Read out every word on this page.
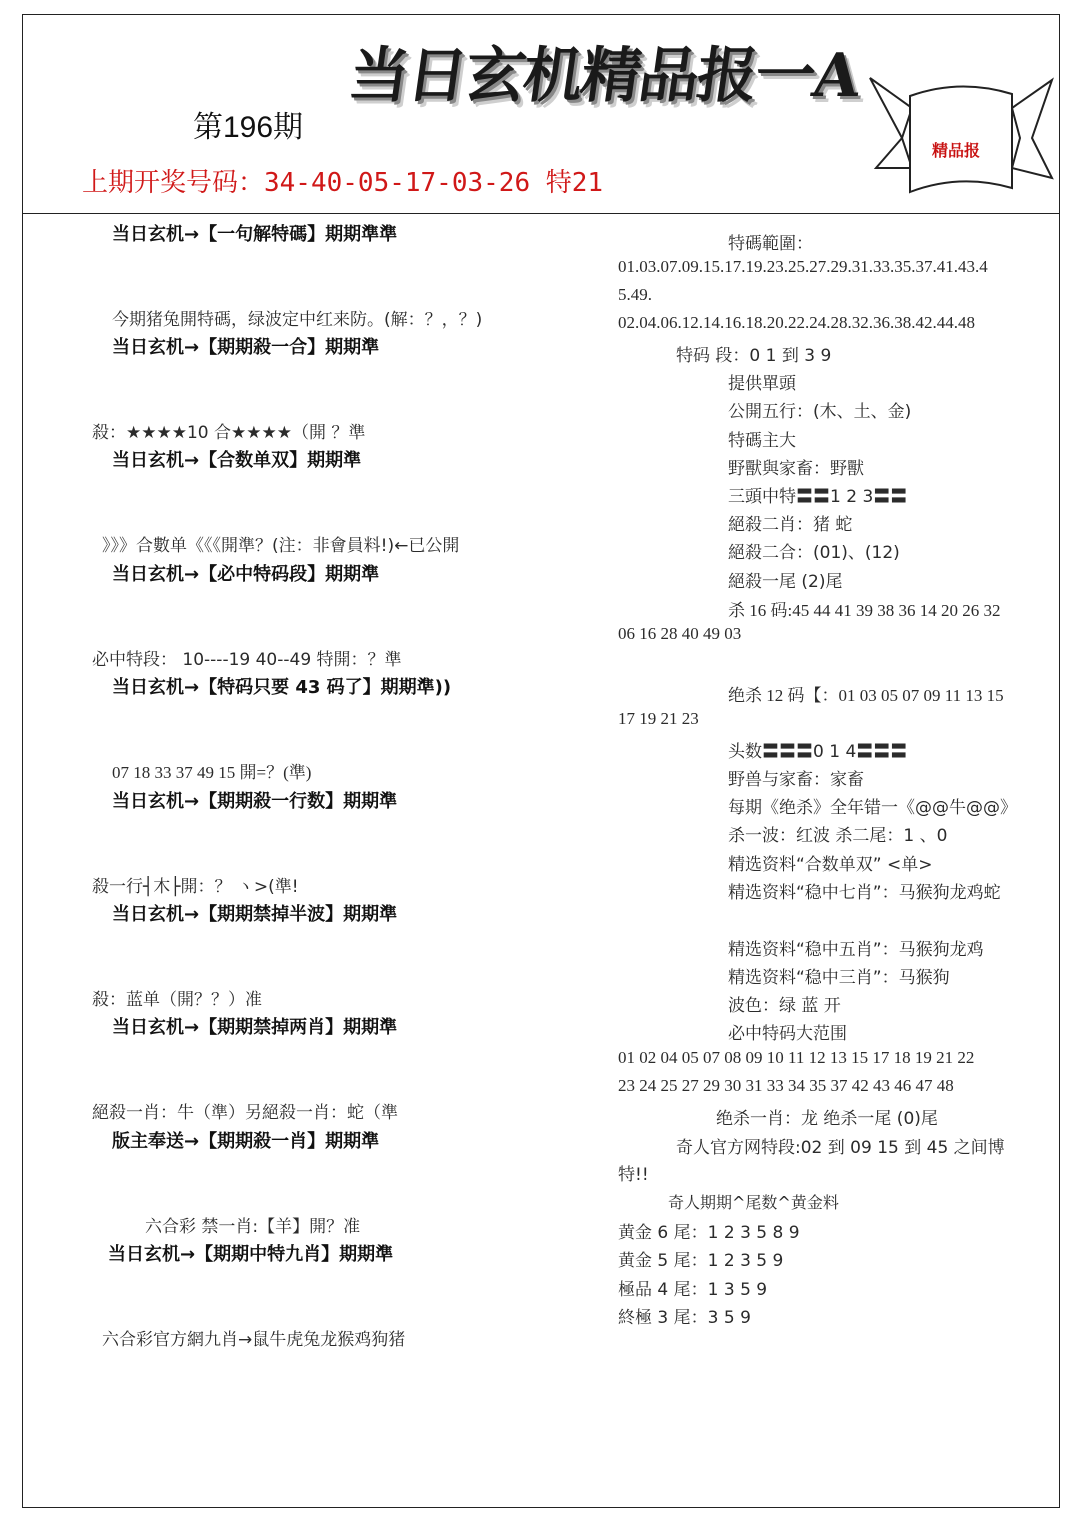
当日玄机精品报一A
精品报
第196期
上期开奖号码：34-40-05-17-03-26 特21
当日玄机→【一句解特碼】期期準準
今期猪兔開特碼，绿波定中红来防。(解：？，？)
当日玄机→【期期殺一合】期期準
殺：★★★★10 合★★★★（開 ？準
当日玄机→【合数单双】期期準
》》》合數单《《《開準？(注：非會員料!)←已公開
当日玄机→【必中特码段】期期準
必中特段： 10----19 40--49 特開：？準
当日玄机→【特码只要 43 码了】期期準))
07 18 33 37 49 15 開=？(準)
当日玄机→【期期殺一行数】期期準
殺一行┤木├開：？ ヽ>(準!
当日玄机→【期期禁掉半波】期期準
殺：蓝单（開？？）准
当日玄机→【期期禁掉两肖】期期準
絕殺一肖：牛（準）另絕殺一肖：蛇（準
版主奉送→【期期殺一肖】期期準
六合彩 禁一肖:【羊】開？准
当日玄机→【期期中特九肖】期期準
六合彩官方網九肖→鼠牛虎兔龙猴鸡狗猪
特碼範圍：
01.03.07.09.15.17.19.23.25.27.29.31.33.35.37.41.43.4
5.49.
02.04.06.12.14.16.18.20.22.24.28.32.36.38.42.44.48
特码 段：0 1 到 3 9
提供單頭
公開五行：(木、土、金)
特碼主大
野獸與家畜：野獸
三頭中特〓〓1 2 3〓〓
絕殺二肖：猪 蛇
絕殺二合：(01)、(12)
絕殺一尾 (2)尾
杀 16 码:45 44 41 39 38 36 14 20 26 32
06 16 28 40 49 03
绝杀 12 码【：01 03 05 07 09 11 13 15
17 19 21 23
头数〓〓〓0 1 4〓〓〓
野兽与家畜：家畜
每期《绝杀》全年错一《@@牛@@》
杀一波：红波 杀二尾：1 、0
精选资料“合数单双” <单>
精选资料“稳中七肖”：马猴狗龙鸡蛇
精选资料“稳中五肖”：马猴狗龙鸡
精选资料“稳中三肖”：马猴狗
波色：绿 蓝 开
必中特码大范围
01 02 04 05 07 08 09 10 11 12 13 15 17 18 19 21 22
23 24 25 27 29 30 31 33 34 35 37 42 43 46 47 48
绝杀一肖：龙 绝杀一尾 (0)尾
奇人官方网特段:02 到 09 15 到 45 之间博
特!!
奇人期期^尾数^黄金料
黄金 6 尾：1 2 3 5 8 9
黄金 5 尾：1 2 3 5 9
極品 4 尾：1 3 5 9
終極 3 尾：3 5 9
